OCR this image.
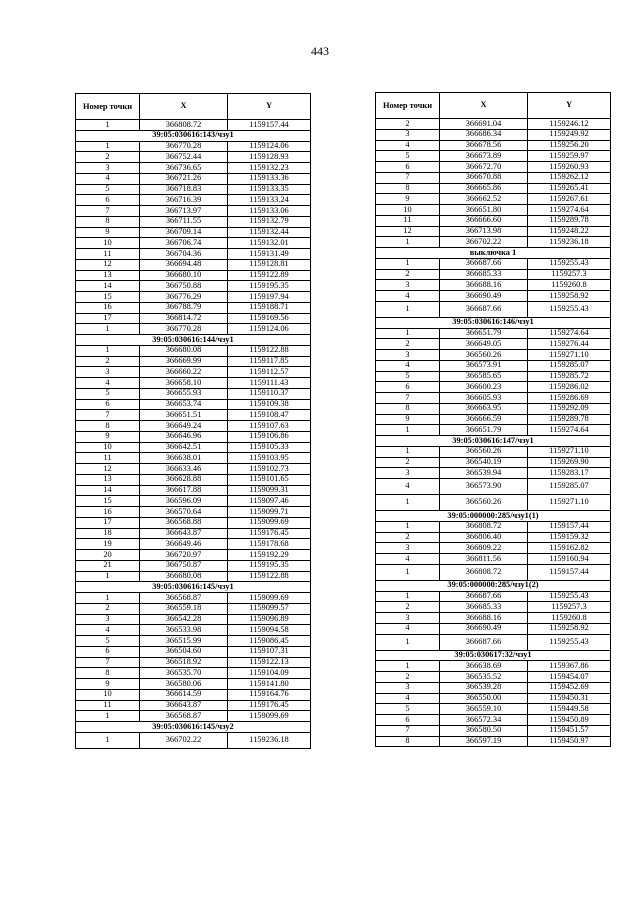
443
Номер точки	X	Y
1	366808.72	1159157.44
39:05:030616:143/чзу1		
1	366770.28	1159124.06
2	366752.44	1159128.93
3	366736.65	1159132.23
4	366721.26	1159133.36
5	366718.83	1159133.35
6	366716.39	1159133.24
7	366713.97	1159133.06
8	366711.55	1159132.79
9	366709.14	1159132.44
10	366706.74	1159132.01
11	366704.36	1159131.49
12	366694.48	1159128.81
13	366680.10	1159122.89
14	366750.88	1159195.35
15	366776.29	1159197.94
16	366788.79	1159188.71
17	366814.72	1159169.56
1	366770.28	1159124.06
39:05:030616:144/чзу1		
1	366680.08	1159122.88
2	366669.99	1159117.85
3	366660.22	1159112.57
4	366658.10	1159111.43
5	366655.93	1159110.37
6	366653.74	1159109.38
7	366651.51	1159108.47
8	366649.24	1159107.63
9	366646.96	1159106.86
10	366642.51	1159105.33
11	366638.01	1159103.95
12	366633.46	1159102.73
13	366628.88	1159101.65
14	366617.88	1159099.31
15	366596.09	1159097.46
16	366570.64	1159099.71
17	366568.88	1159099.69
18	366643.87	1159176.45
19	366649.46	1159178.68
20	366720.97	1159192.29
21	366750.87	1159195.35
1	366680.08	1159122.88
39:05:030616:145/чзу1		
1	366568.87	1159099.69
2	366559.18	1159099.57
3	366542.28	1159096.89
4	366533.98	1159094.58
5	366515.99	1159086.45
6	366504.60	1159107.31
7	366518.92	1159122.13
8	366535.70	1159104.09
9	366580.06	1159141.80
10	366614.59	1159164.76
11	366643.87	1159176.45
1	366568.87	1159099.69
39:05:030616:145/чзу2		
1	366702.22	1159236.18
Номер точки	X	Y
2	366691.04	1159246.12
3	366686.34	1159249.92
4	366678.56	1159256.20
5	366673.89	1159259.97
6	366672.70	1159260.93
7	366670.88	1159262.12
8	366665.86	1159265.41
9	366662.52	1159267.61
10	366651.80	1159274.64
11	366666.60	1159289.78
12	366713.98	1159248.22
1	366702.22	1159236.18
выключка 1		
1	366687.66	1159255.43
2	366685.33	1159257.3
3	366688.16	1159260.8
4	366690.49	1159258.92
1	366687.66	1159255.43
39:05:030616:146/чзу1		
1	366651.79	1159274.64
2	366649.05	1159276.44
3	366560.26	1159271.10
4	366573.91	1159285.07
5	366585.65	1159285.72
6	366600.23	1159286.02
7	366605.93	1159286.69
8	366663.95	1159292.09
9	366666.59	1159289.78
1	366651.79	1159274.64
39:05:030616:147/чзу1		
1	366560.26	1159271.10
2	366540.19	1159269.90
3	366539.94	1159283.17
4	366573.90	1159285.07
1	366560.26	1159271.10
39:05:000000:285/чзу1(1)		
1	366808.72	1159157.44
2	366806.40	1159159.32
3	366809.22	1159162.82
4	366811.56	1159160.94
1	366808.72	1159157.44
39:05:000000:285/чзу1(2)		
1	366687.66	1159255.43
2	366685.33	1159257.3
3	366688.16	1159260.8
4	366690.49	1159258.92
1	366687.66	1159255.43
39:05:030617:32/чзу1		
1	366638.69	1159367.86
2	366535.52	1159454.07
3	366539.28	1159452.69
4	366550.00	1159450.31
5	366559.10	1159449.58
6	366572.34	1159450.89
7	366580.50	1159451.57
8	366597.19	1159450.97
